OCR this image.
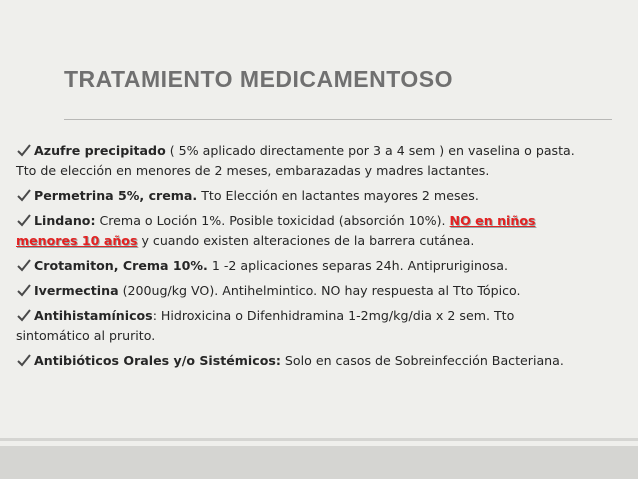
TRATAMIENTO MEDICAMENTOSO
Azufre precipitado ( 5% aplicado directamente por 3 a 4 sem ) en vaselina o pasta.
Tto de elección en menores de 2 meses, embarazadas y madres lactantes.
Permetrina 5%, crema. Tto Elección en lactantes mayores 2 meses.
Lindano: Crema o Loción 1%. Posible toxicidad (absorción 10%). NO en niños
menores 10 años y cuando existen alteraciones de la barrera cutánea.
Crotamiton, Crema 10%. 1 -2 aplicaciones separas 24h. Antipruriginosa.
Ivermectina (200ug/kg VO). Antihelmintico. NO hay respuesta al Tto Tópico.
Antihistamínicos: Hidroxicina o Difenhidramina 1-2mg/kg/dia x 2 sem. Tto
sintomático al prurito.
Antibióticos Orales y/o Sistémicos: Solo en casos de Sobreinfección Bacteriana.
